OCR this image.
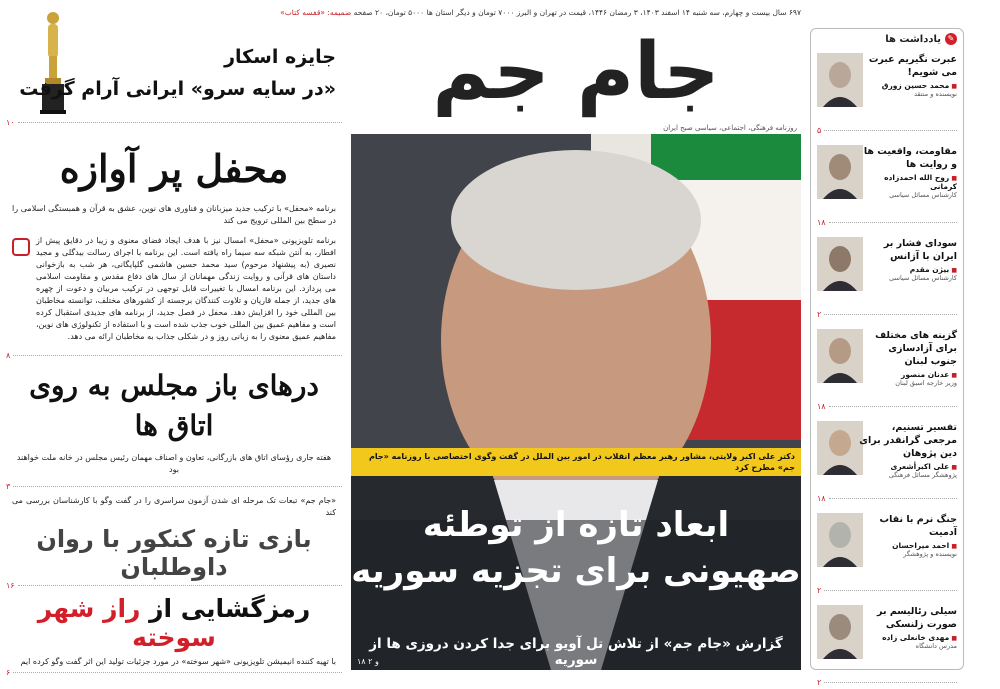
جایزه اسکار
«در سایه سرو» ایرانی آرام گرفت
۱۰
محفل پر آوازه
برنامه «محفل» با ترکیب جدید میزبانان و فناوری های نوین، عشق به قرآن و همبستگی اسلامی را در سطح بین المللی ترویج می کند
برنامه تلویزیونی «محفل» امسال نیز با هدف ایجاد فضای معنوی و زیبا در دقایق پیش از افطار، به آنتن شبکه سه سیما راه یافته است. این برنامه با اجرای رسالت بیدگلی و مجید نصیری (به پیشنهاد مرحوم) سید محمد حسین هاشمی گلپایگانی، هر شب به بازخوانی داستان های قرآنی و روایت زندگی مهمانان از سال های دفاع مقدس و مقاومت اسلامی می پردازد. این برنامه امسال با تغییرات قابل توجهی در ترکیب مربیان و دعوت از چهره های جدید، از جمله قاریان و تلاوت کنندگان برجسته از کشورهای مختلف، توانسته مخاطبان بین المللی خود را افزایش دهد. محفل در فصل جدید، از برنامه های جدیدی استقبال کرده است و مفاهیم عمیق بین المللی خوب جذب شده است و با استفاده از تکنولوژی های نوین، مفاهیم عمیق معنوی را به زبانی روز و در شکلی جذاب به مخاطبان ارائه می دهد.
۸
درهای باز مجلس به روی اتاق ها
هفته جاری رؤسای اتاق های بازرگانی، تعاون و اصناف مهمان رئیس مجلس در خانه ملت خواهند بود
۳
«جام جم» تبعات تک مرحله ای شدن آزمون سراسری را در گفت وگو با کارشناسان بررسی می کند
بازی تازه کنکور با روان داوطلبان
۱۶
رمزگشایی از راز شهر سوخته
با تهیه کننده انیمیشن تلویزیونی «شهر سوخته» در مورد جزئیات تولید این اثر گفت وگو کرده ایم
۶
۶۹۷ سال بیست و چهارم، سه شنبه ۱۴ اسفند ۱۴۰۳، ۳ رمضان ۱۴۴۶، قیمت در تهران و البرز ۷۰۰۰ تومان و دیگر استان ها ۵۰۰۰ تومان، ۲۰ صفحه ضمیمه: «قفسه کتاب»
جام جم
روزنامه فرهنگی، اجتماعی، سیاسی صبح ایران
دکتر علی اکبر ولایتی، مشاور رهبر معظم انقلاب در امور بین الملل در گفت وگوی اختصاصی با روزنامه «جام جم» مطرح کرد
ابعاد تازه از توطئه صهیونی برای تجزیه سوریه
گزارش «جام جم» از تلاش تل آویو برای جدا کردن دروزی ها از سوریه
۱۸ و ۲
✎
یادداشت ها
عبرت نگیریم عبرت می شویم!
■ محمد حسین زورق
نویسنده و منتقد
۵
مقاومت، واقعیت ها و روایت ها
■ روح الله احمدزاده کرمانی
کارشناس مسائل سیاسی
۱۸
سودای فشار بر ایران با آژانس
■ بیژن مقدم
کارشناس مسائل سیاسی
۲
گزینه های مختلف برای آزادسازی جنوب لبنان
■ عدنان منصور
وزیر خارجه اسبق لبنان
۱۸
تفسیر تسنیم، مرجعی گرانقدر برای دین پژوهان
■ علی اکبرأشعری
پژوهشگر مسائل فرهنگی
۱۸
جنگ نرم با نقاب آدمیت
■ احمد میراحسان
نویسنده و پژوهشگر
۲
سیلی رئالیسم بر صورت زلنسکی
■ مهدی خانعلی زاده
مدرس دانشگاه
۲
